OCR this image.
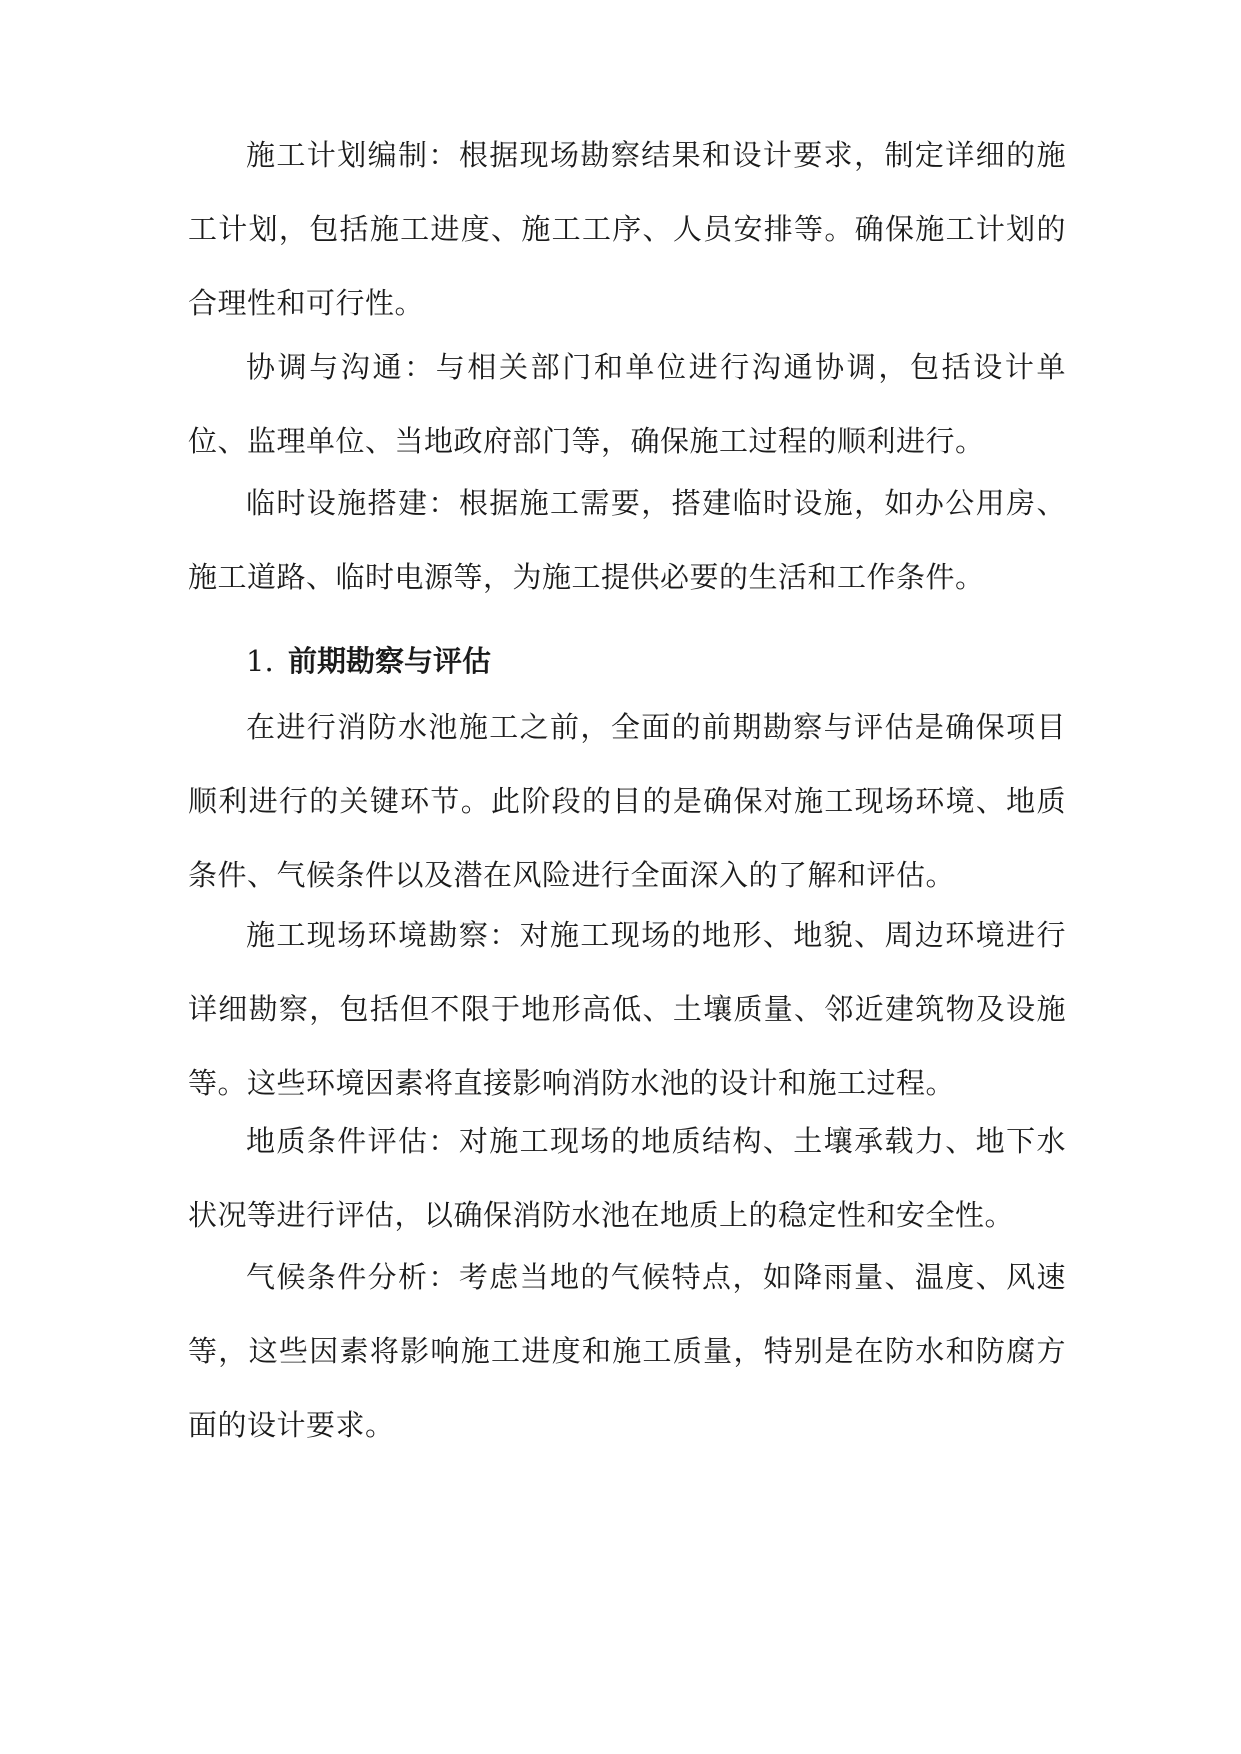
施工计划编制：根据现场勘察结果和设计要求，制定详细的施工计划，包括施工进度、施工工序、人员安排等。确保施工计划的合理性和可行性。

协调与沟通：与相关部门和单位进行沟通协调，包括设计单位、监理单位、当地政府部门等，确保施工过程的顺利进行。

临时设施搭建：根据施工需要，搭建临时设施，如办公用房、施工道路、临时电源等，为施工提供必要的生活和工作条件。

1. 前期勘察与评估

在进行消防水池施工之前，全面的前期勘察与评估是确保项目顺利进行的关键环节。此阶段的目的是确保对施工现场环境、地质条件、气候条件以及潜在风险进行全面深入的了解和评估。

施工现场环境勘察：对施工现场的地形、地貌、周边环境进行详细勘察，包括但不限于地形高低、土壤质量、邻近建筑物及设施等。这些环境因素将直接影响消防水池的设计和施工过程。

地质条件评估：对施工现场的地质结构、土壤承载力、地下水状况等进行评估，以确保消防水池在地质上的稳定性和安全性。

气候条件分析：考虑当地的气候特点，如降雨量、温度、风速等，这些因素将影响施工进度和施工质量，特别是在防水和防腐方面的设计要求。
